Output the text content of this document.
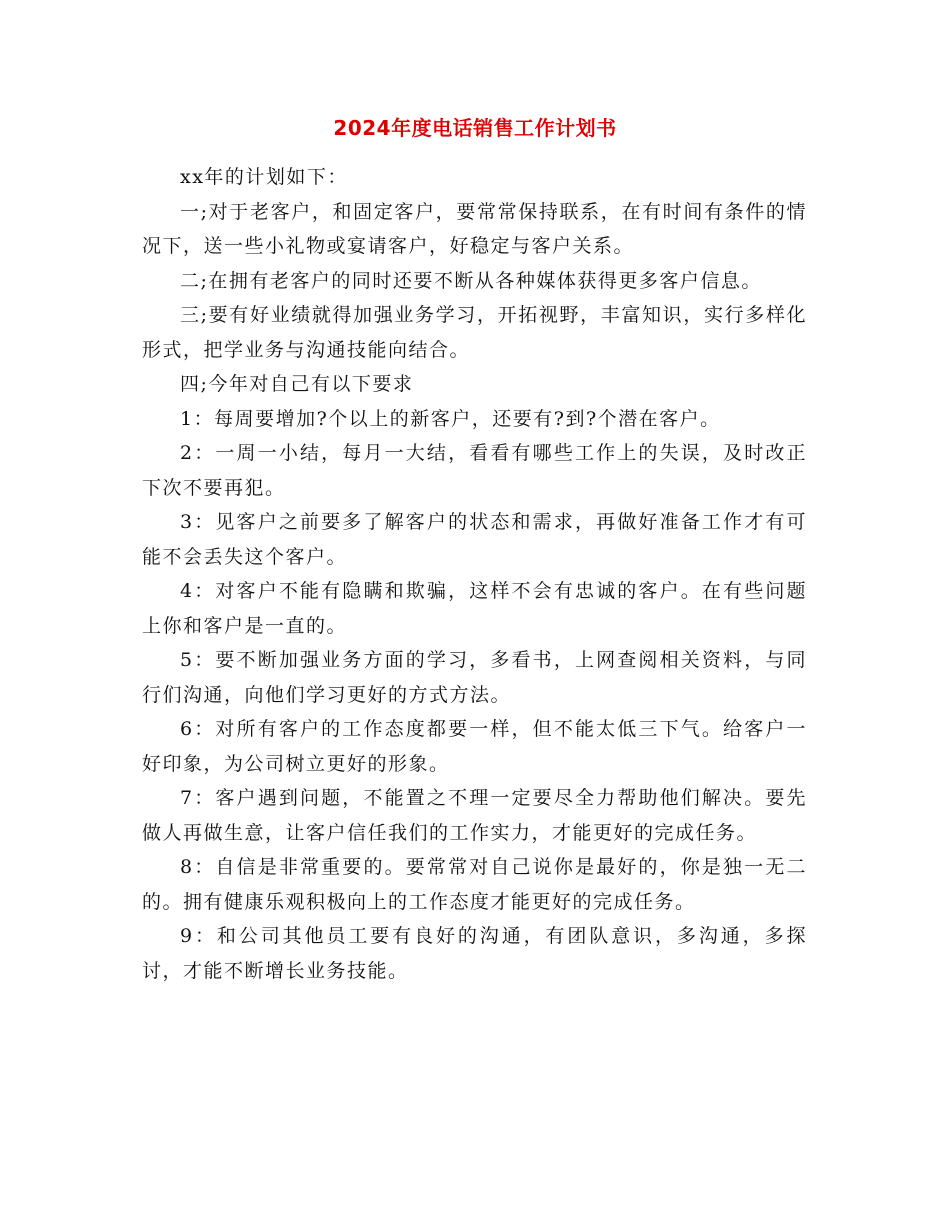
2024年度电话销售工作计划书

xx年的计划如下：

一;对于老客户，和固定客户，要常常保持联系，在有时间有条件的情况下，送一些小礼物或宴请客户，好稳定与客户关系。

二;在拥有老客户的同时还要不断从各种媒体获得更多客户信息。

三;要有好业绩就得加强业务学习，开拓视野，丰富知识，实行多样化形式，把学业务与沟通技能向结合。

四;今年对自己有以下要求

1：每周要增加?个以上的新客户，还要有?到?个潜在客户。

2：一周一小结，每月一大结，看看有哪些工作上的失误，及时改正下次不要再犯。

3：见客户之前要多了解客户的状态和需求，再做好准备工作才有可能不会丢失这个客户。

4：对客户不能有隐瞒和欺骗，这样不会有忠诚的客户。在有些问题上你和客户是一直的。

5：要不断加强业务方面的学习，多看书，上网查阅相关资料，与同行们沟通，向他们学习更好的方式方法。

6：对所有客户的工作态度都要一样，但不能太低三下气。给客户一好印象，为公司树立更好的形象。

7：客户遇到问题，不能置之不理一定要尽全力帮助他们解决。要先做人再做生意，让客户信任我们的工作实力，才能更好的完成任务。

8：自信是非常重要的。要常常对自己说你是最好的，你是独一无二的。拥有健康乐观积极向上的工作态度才能更好的完成任务。

9：和公司其他员工要有良好的沟通，有团队意识，多沟通，多探讨，才能不断增长业务技能。
